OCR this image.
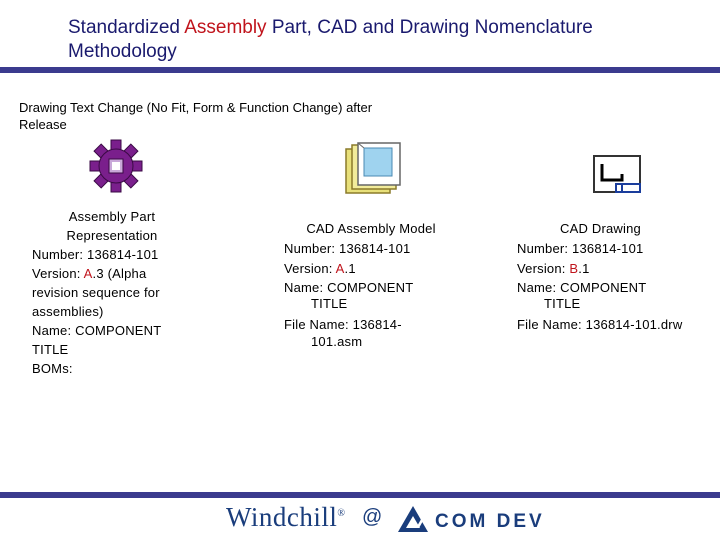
Standardized Assembly Part, CAD and Drawing Nomenclature
Methodology
Drawing Text Change (No Fit, Form & Function Change) after
Release

Assembly Part

Representation

Number: 136814-101

Version: A.3 (Alpha

revision sequence for

assemblies)

Name: COMPONENT

TITLE

BOMs:

CAD Assembly Model

Number: 136814-101

Version: A.1

Name: COMPONENT

TITLE

File Name: 136814-

101.asm

CAD Drawing

Number: 136814-101

Version: B.1

Name: COMPONENT

TITLE

File Name: 136814-101.drw

Windchill® @	COM DEV
